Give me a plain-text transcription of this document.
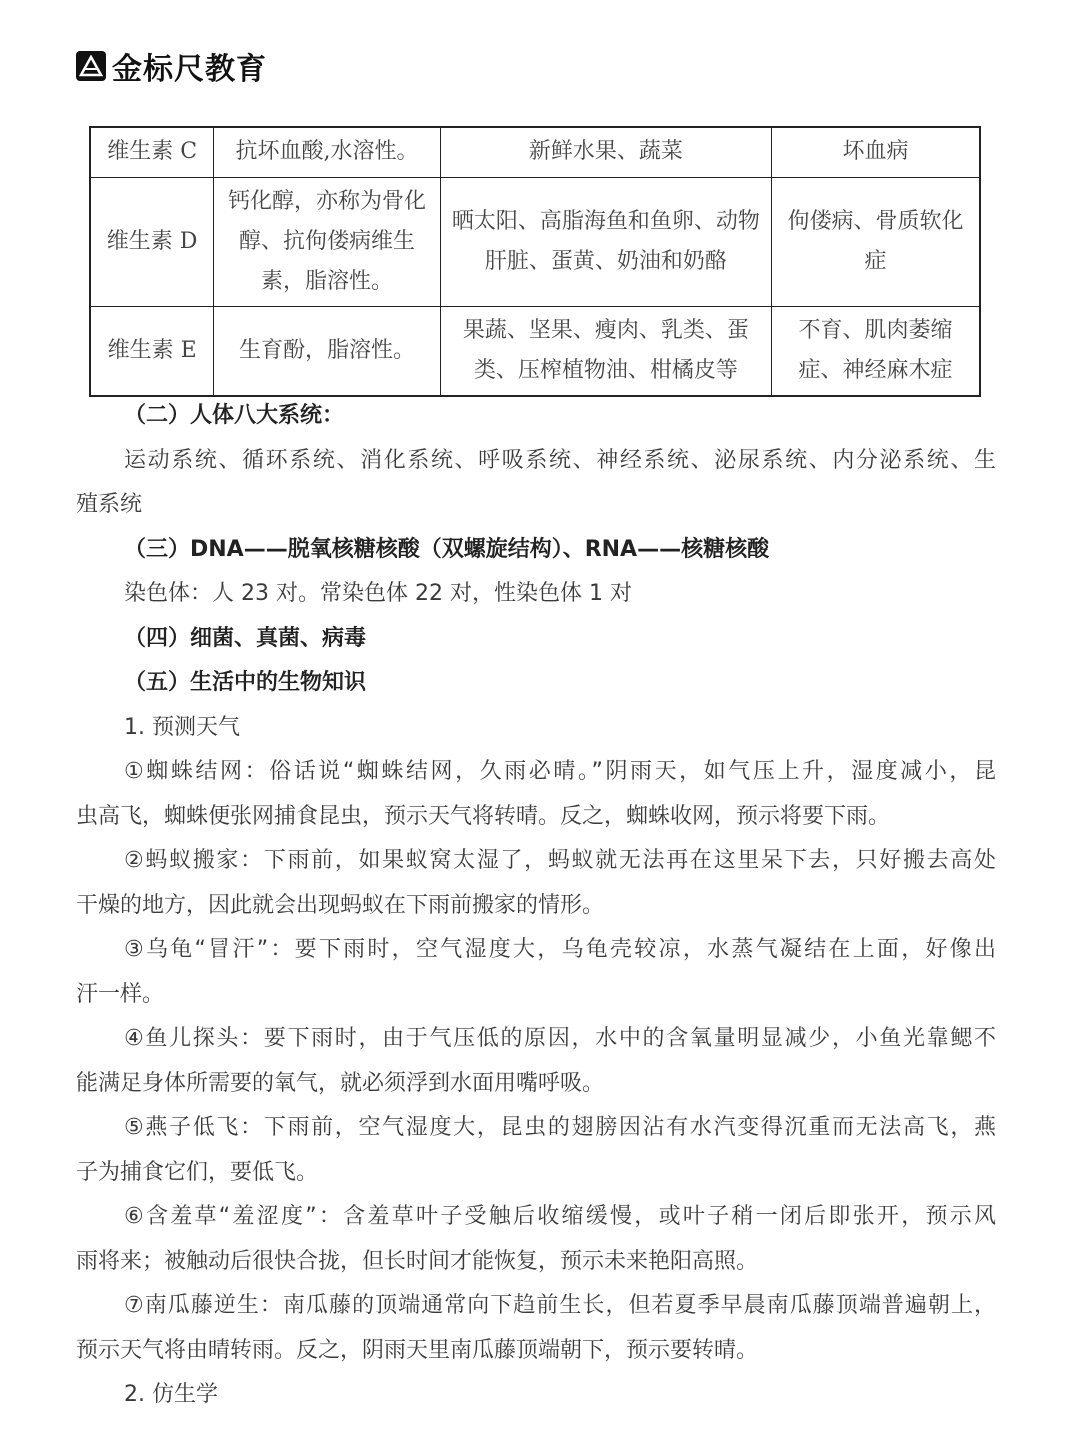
金标尺教育
维生素 C	抗坏血酸,水溶性。	新鲜水果、蔬菜	坏血病
维生素 D	钙化醇，亦称为骨化醇、抗佝偻病维生素，脂溶性。	晒太阳、高脂海鱼和鱼卵、动物肝脏、蛋黄、奶油和奶酪	佝偻病、骨质软化症
维生素 E	生育酚，脂溶性。	果蔬、坚果、瘦肉、乳类、蛋类、压榨植物油、柑橘皮等	不育、肌肉萎缩症、神经麻木症
（二）人体八大系统：
运动系统、循环系统、消化系统、呼吸系统、神经系统、泌尿系统、内分泌系统、生
殖系统
（三）DNA——脱氧核糖核酸（双螺旋结构）、RNA——核糖核酸
染色体：人 23 对。常染色体 22 对，性染色体 1 对
（四）细菌、真菌、病毒
（五）生活中的生物知识
1. 预测天气
①蜘蛛结网：俗话说“蜘蛛结网，久雨必晴。”阴雨天，如气压上升，湿度减小，昆
虫高飞，蜘蛛便张网捕食昆虫，预示天气将转晴。反之，蜘蛛收网，预示将要下雨。
②蚂蚁搬家：下雨前，如果蚁窝太湿了，蚂蚁就无法再在这里呆下去，只好搬去高处
干燥的地方，因此就会出现蚂蚁在下雨前搬家的情形。
③乌龟“冒汗”：要下雨时，空气湿度大，乌龟壳较凉，水蒸气凝结在上面，好像出
汗一样。
④鱼儿探头：要下雨时，由于气压低的原因，水中的含氧量明显减少，小鱼光靠鳃不
能满足身体所需要的氧气，就必须浮到水面用嘴呼吸。
⑤燕子低飞：下雨前，空气湿度大，昆虫的翅膀因沾有水汽变得沉重而无法高飞，燕
子为捕食它们，要低飞。
⑥含羞草“羞涩度”：含羞草叶子受触后收缩缓慢，或叶子稍一闭后即张开，预示风
雨将来；被触动后很快合拢，但长时间才能恢复，预示未来艳阳高照。
⑦南瓜藤逆生：南瓜藤的顶端通常向下趋前生长，但若夏季早晨南瓜藤顶端普遍朝上，
预示天气将由晴转雨。反之，阴雨天里南瓜藤顶端朝下，预示要转晴。
2. 仿生学
